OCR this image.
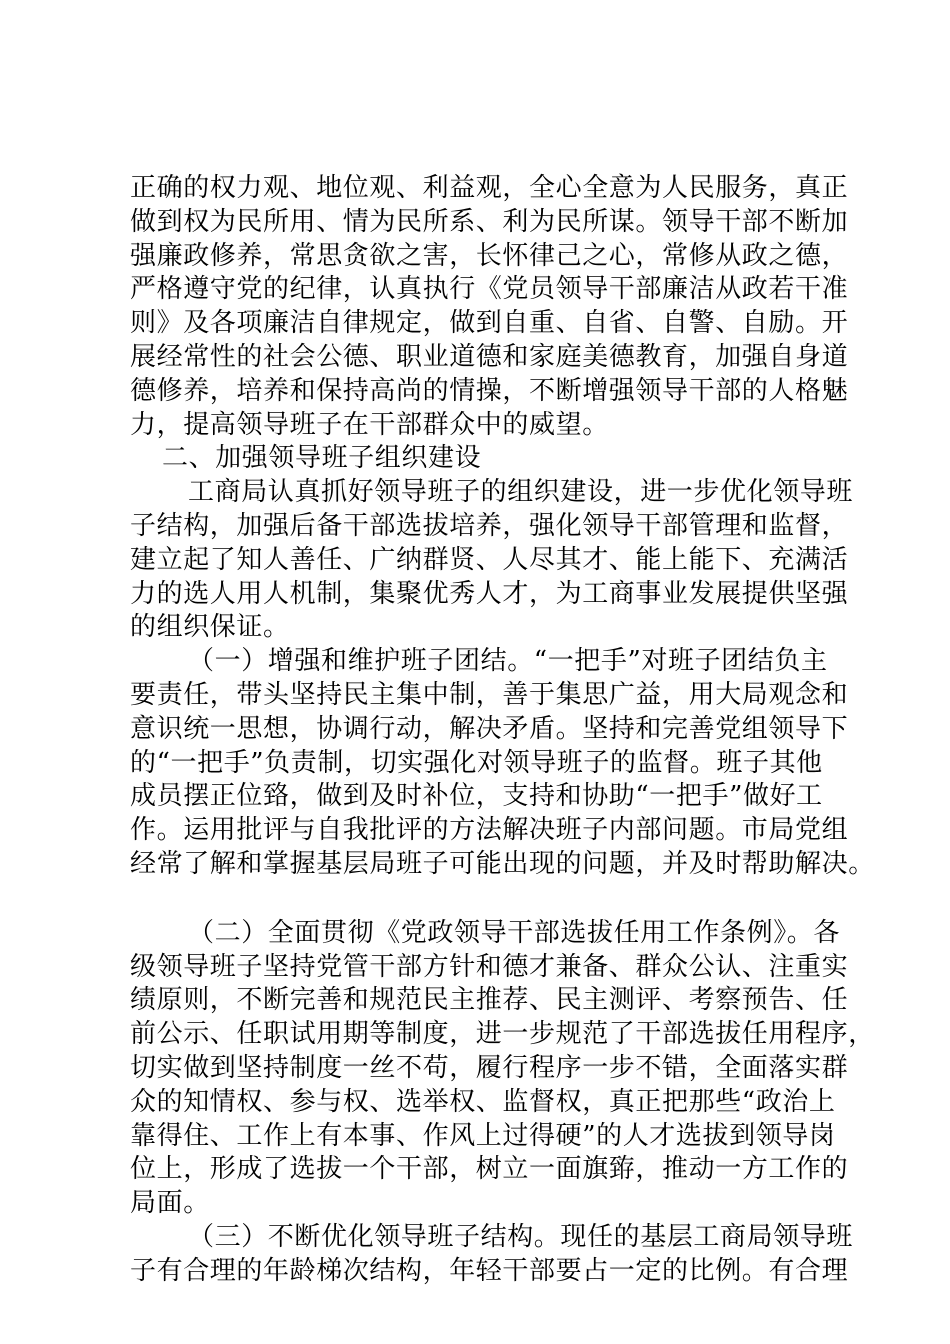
正确的权力观、地位观、利益观，全心全意为人民服务，真正
做到权为民所用、情为民所系、利为民所谋。领导干部不断加
强廉政修养，常思贪欲之害，长怀律己之心，常修从政之德，
严格遵守党的纪律，认真执行《党员领导干部廉洁从政若干准
则》及各项廉洁自律规定，做到自重、自省、自警、自励。开
展经常性的社会公德、职业道德和家庭美德教育，加强自身道
德修养，培养和保持高尚的情操，不断增强领导干部的人格魅
力，提高领导班子在干部群众中的威望。
二、加强领导班子组织建设
工商局认真抓好领导班子的组织建设，进一步优化领导班
子结构，加强后备干部选拔培养，强化领导干部管理和监督，
建立起了知人善任、广纳群贤、人尽其才、能上能下、充满活
力的选人用人机制，集聚优秀人才，为工商事业发展提供坚强
的组织保证。
（一）增强和维护班子团结。“一把手”对班子团结负主
要责任，带头坚持民主集中制，善于集思广益，用大局观念和
意识统一思想，协调行动，解决矛盾。坚持和完善党组领导下
的“一把手”负责制，切实强化对领导班子的监督。班子其他
成员摆正位臵，做到及时补位，支持和协助“一把手”做好工
作。运用批评与自我批评的方法解决班子内部问题。市局党组
经常了解和掌握基层局班子可能出现的问题，并及时帮助解决。
（二）全面贯彻《党政领导干部选拔任用工作条例》。各
级领导班子坚持党管干部方针和德才兼备、群众公认、注重实
绩原则，不断完善和规范民主推荐、民主测评、考察预告、任
前公示、任职试用期等制度，进一步规范了干部选拔任用程序，
切实做到坚持制度一丝不苟，履行程序一步不错，全面落实群
众的知情权、参与权、选举权、监督权，真正把那些“政治上
靠得住、工作上有本事、作风上过得硬”的人才选拔到领导岗
位上，形成了选拔一个干部，树立一面旗臶，推动一方工作的
局面。
（三）不断优化领导班子结构。现任的基层工商局领导班
子有合理的年龄梯次结构，年轻干部要占一定的比例。有合理
